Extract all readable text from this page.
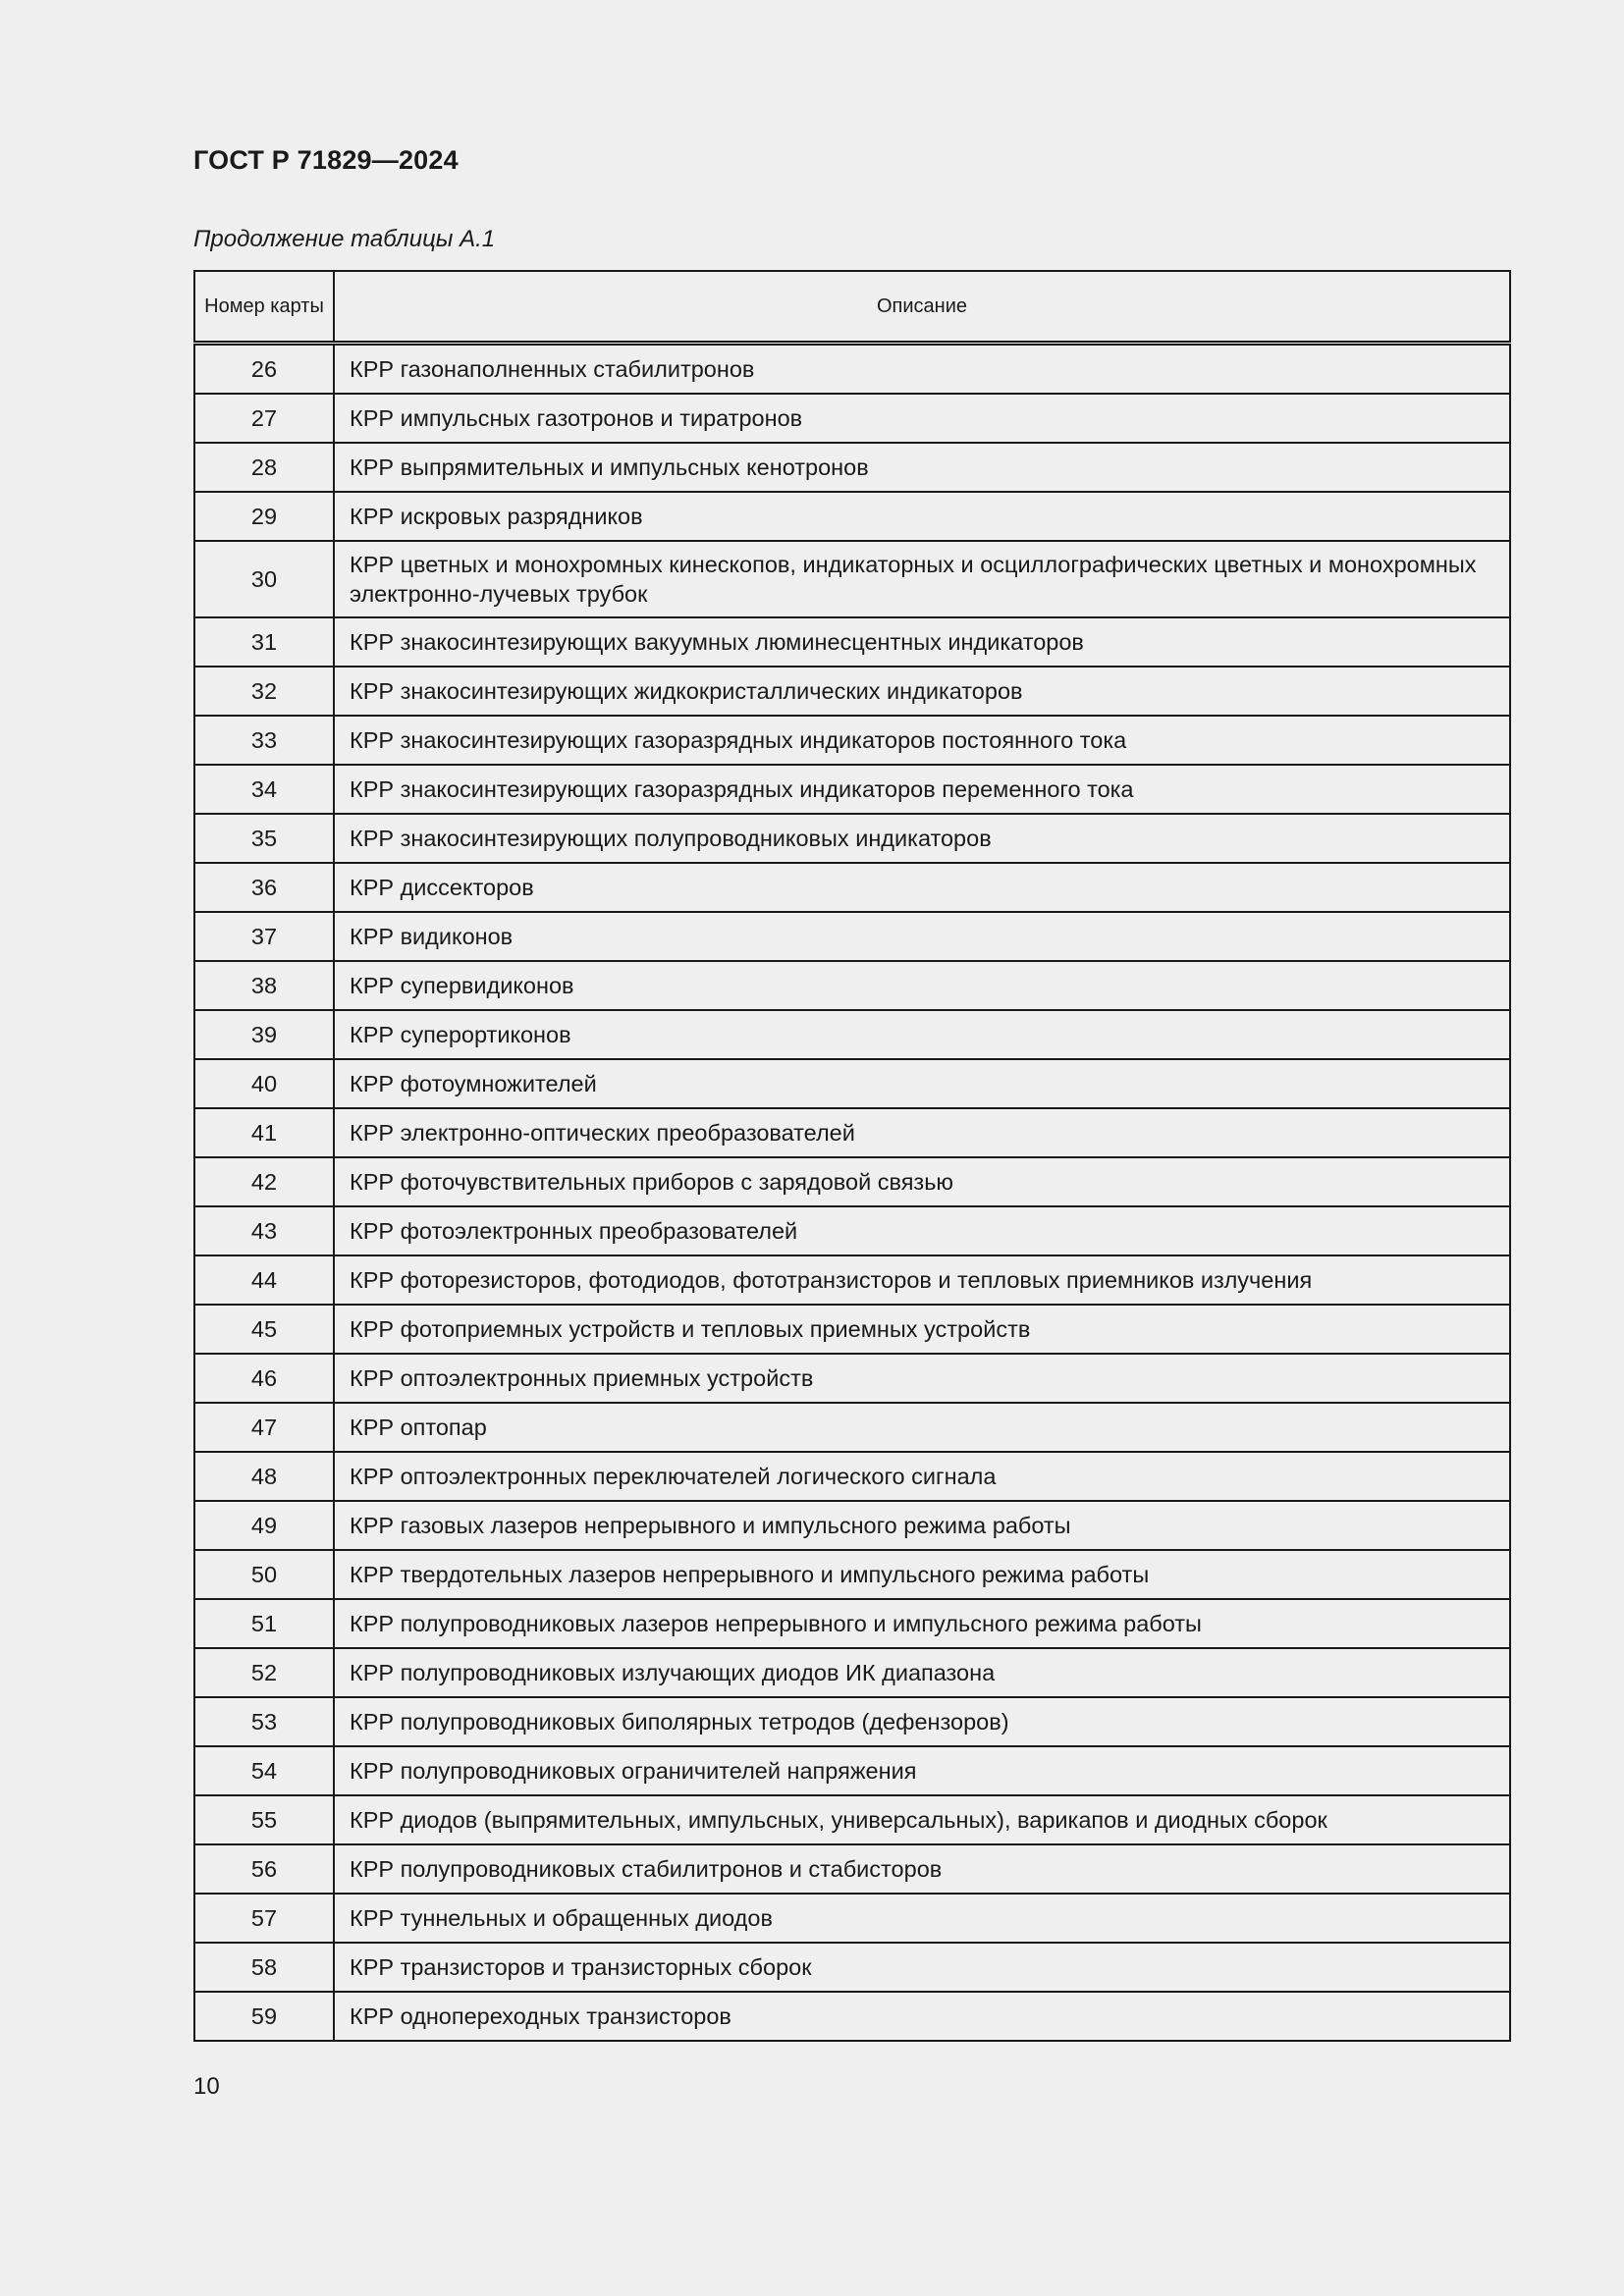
ГОСТ Р 71829—2024
Продолжение таблицы А.1
Номер карты	Описание
26	КРР газонаполненных стабилитронов
27	КРР импульсных газотронов и тиратронов
28	КРР выпрямительных и импульсных кенотронов
29	КРР искровых разрядников
30	КРР цветных и монохромных кинескопов, индикаторных и осциллографических цветных и монохромных электронно-лучевых трубок
31	КРР знакосинтезирующих вакуумных люминесцентных индикаторов
32	КРР знакосинтезирующих жидкокристаллических индикаторов
33	КРР знакосинтезирующих газоразрядных индикаторов постоянного тока
34	КРР знакосинтезирующих газоразрядных индикаторов переменного тока
35	КРР знакосинтезирующих полупроводниковых индикаторов
36	КРР диссекторов
37	КРР видиконов
38	КРР супервидиконов
39	КРР суперортиконов
40	КРР фотоумножителей
41	КРР электронно-оптических преобразователей
42	КРР фоточувствительных приборов с зарядовой связью
43	КРР фотоэлектронных преобразователей
44	КРР фоторезисторов, фотодиодов, фототранзисторов и тепловых приемников излучения
45	КРР фотоприемных устройств и тепловых приемных устройств
46	КРР оптоэлектронных приемных устройств
47	КРР оптопар
48	КРР оптоэлектронных переключателей логического сигнала
49	КРР газовых лазеров непрерывного и импульсного режима работы
50	КРР твердотельных лазеров непрерывного и импульсного режима работы
51	КРР полупроводниковых лазеров непрерывного и импульсного режима работы
52	КРР полупроводниковых излучающих диодов ИК диапазона
53	КРР полупроводниковых биполярных тетродов (дефензоров)
54	КРР полупроводниковых ограничителей напряжения
55	КРР диодов (выпрямительных, импульсных, универсальных), варикапов и диодных сборок
56	КРР полупроводниковых стабилитронов и стабисторов
57	КРР туннельных и обращенных диодов
58	КРР транзисторов и транзисторных сборок
59	КРР однопереходных транзисторов
10
